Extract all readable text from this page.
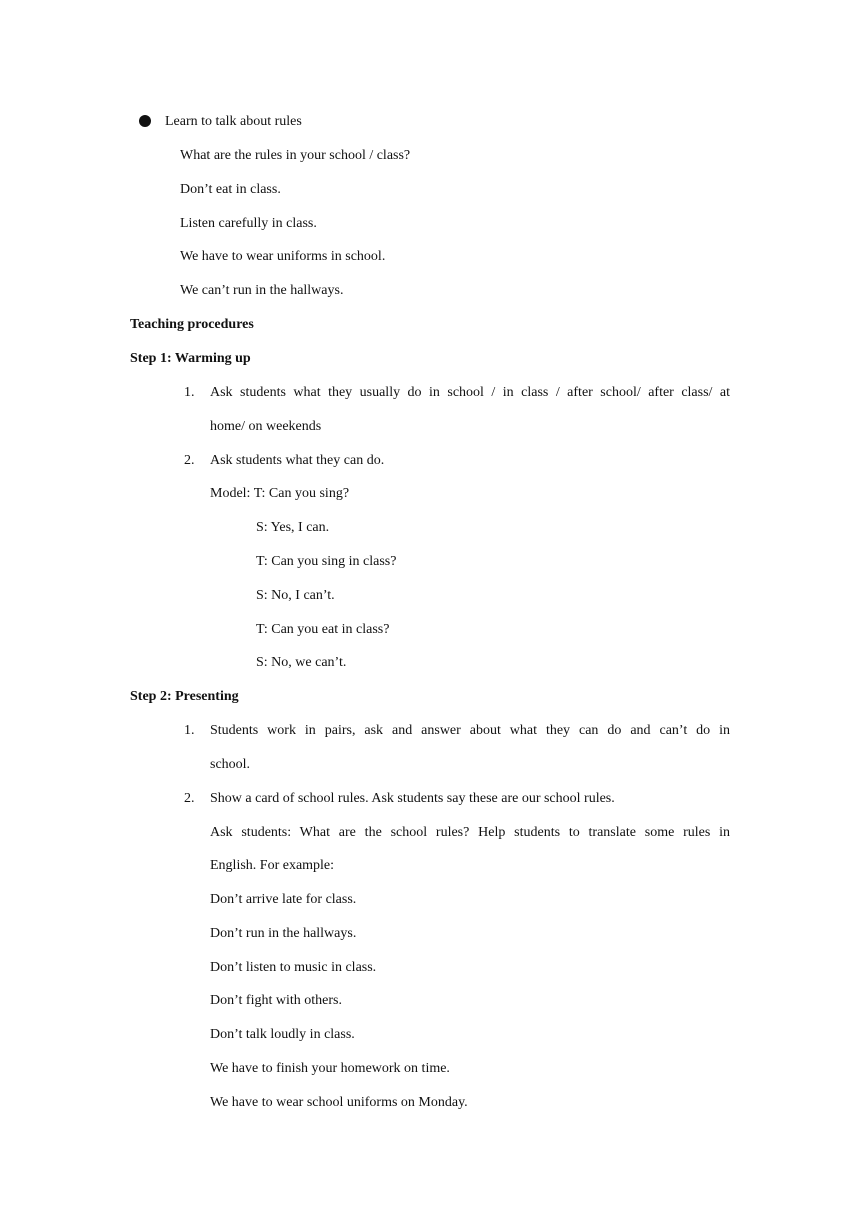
Learn to talk about rules
What are the rules in your school / class?
Don’t eat in class.
Listen carefully in class.
We have to wear uniforms in school.
We can’t run in the hallways.
Teaching procedures
Step 1: Warming up
1. Ask students what they usually do in school / in class / after school/ after class/ at
home/ on weekends
2. Ask students what they can do.
Model: T: Can you sing?
S: Yes, I can.
T: Can you sing in class?
S: No, I can’t.
T: Can you eat in class?
S: No, we can’t.
Step 2: Presenting
1. Students work in pairs, ask and answer about what they can do and can’t do in
school.
2. Show a card of school rules. Ask students say these are our school rules.
Ask students: What are the school rules? Help students to translate some rules in
English. For example:
Don’t arrive late for class.
Don’t run in the hallways.
Don’t listen to music in class.
Don’t fight with others.
Don’t talk loudly in class.
We have to finish your homework on time.
We have to wear school uniforms on Monday.
